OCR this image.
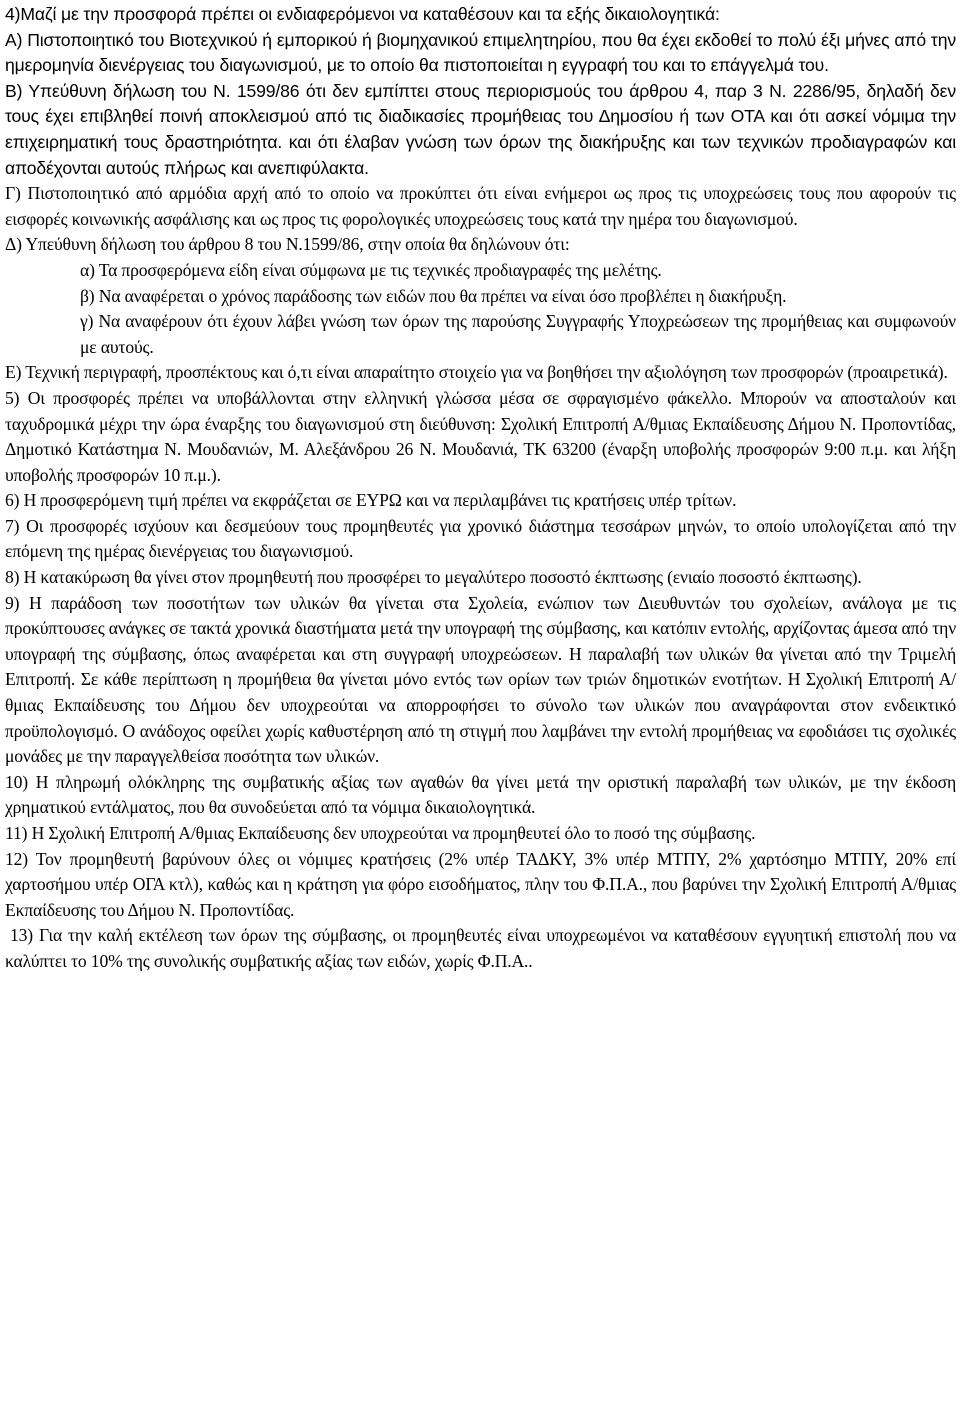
4)Μαζί με την προσφορά πρέπει οι ενδιαφερόμενοι να καταθέσουν και τα εξής δικαιολογητικά:

Α) Πιστοποιητικό του Βιοτεχνικού ή εμπορικού ή βιομηχανικού επιμελητηρίου, που θα έχει εκδοθεί το πολύ έξι μήνες από την ημερομηνία διενέργειας του διαγωνισμού, με το οποίο θα πιστοποιείται η εγγραφή του και το επάγγελμά του.

Β) Υπεύθυνη δήλωση του Ν. 1599/86 ότι δεν εμπίπτει στους περιορισμούς του άρθρου 4, παρ 3 Ν. 2286/95, δηλαδή δεν τους έχει επιβληθεί ποινή αποκλεισμού από τις διαδικασίες προμήθειας του Δημοσίου ή των ΟΤΑ και ότι ασκεί νόμιμα την επιχειρηματική τους δραστηριότητα. και ότι έλαβαν γνώση των όρων της διακήρυξης και των τεχνικών προδιαγραφών και αποδέχονται αυτούς πλήρως και ανεπιφύλακτα.

Γ) Πιστοποιητικό από αρμόδια αρχή από το οποίο να προκύπτει ότι είναι ενήμεροι ως προς τις υποχρεώσεις τους που αφορούν τις εισφορές κοινωνικής ασφάλισης και ως προς τις φορολογικές υποχρεώσεις τους κατά την ημέρα του διαγωνισμού.

Δ) Υπεύθυνη δήλωση του άρθρου 8 του Ν.1599/86, στην οποία θα δηλώνουν ότι:

α) Τα προσφερόμενα είδη είναι σύμφωνα με τις τεχνικές προδιαγραφές της μελέτης.

β) Να αναφέρεται ο χρόνος παράδοσης των ειδών που θα πρέπει να είναι όσο προβλέπει η διακήρυξη.

γ) Να αναφέρουν ότι έχουν λάβει γνώση των όρων της παρούσης Συγγραφής Υποχρεώσεων της προμήθειας και συμφωνούν με αυτούς.

Ε) Τεχνική περιγραφή, προσπέκτους και ό,τι είναι απαραίτητο στοιχείο για να βοηθήσει την αξιολόγηση των προσφορών (προαιρετικά).

5) Οι προσφορές πρέπει να υποβάλλονται στην ελληνική γλώσσα μέσα σε σφραγισμένο φάκελλο. Μπορούν να αποσταλούν και ταχυδρομικά μέχρι την ώρα έναρξης του διαγωνισμού στη διεύθυνση: Σχολική Επιτροπή Α/θμιας Εκπαίδευσης Δήμου Ν. Προποντίδας, Δημοτικό Κατάστημα Ν. Μουδανιών, Μ. Αλεξάνδρου 26 Ν. Μουδανιά, ΤΚ 63200 (έναρξη υποβολής προσφορών 9:00 π.μ. και λήξη υποβολής προσφορών 10 π.μ.).

6) Η προσφερόμενη τιμή πρέπει να εκφράζεται σε ΕΥΡΩ και να περιλαμβάνει τις κρατήσεις υπέρ τρίτων.

7) Οι προσφορές ισχύουν και δεσμεύουν τους προμηθευτές για χρονικό διάστημα τεσσάρων μηνών, το οποίο υπολογίζεται από την επόμενη της ημέρας διενέργειας του διαγωνισμού.

8) Η κατακύρωση θα γίνει στον προμηθευτή που προσφέρει το μεγαλύτερο ποσοστό έκπτωσης (ενιαίο ποσοστό έκπτωσης).

9) Η παράδοση των ποσοτήτων των υλικών θα γίνεται στα Σχολεία, ενώπιον των Διευθυντών του σχολείων, ανάλογα με τις προκύπτουσες ανάγκες σε τακτά χρονικά διαστήματα μετά την υπογραφή της σύμβασης, και κατόπιν εντολής, αρχίζοντας άμεσα από την υπογραφή της σύμβασης, όπως αναφέρεται και στη συγγραφή υποχρεώσεων. Η παραλαβή των υλικών θα γίνεται από την Τριμελή Επιτροπή. Σε κάθε περίπτωση η προμήθεια θα γίνεται μόνο εντός των ορίων των τριών δημοτικών ενοτήτων. Η Σχολική Επιτροπή Α/θμιας Εκπαίδευσης του Δήμου δεν υποχρεούται να απορροφήσει το σύνολο των υλικών που αναγράφονται στον ενδεικτικό προϋπολογισμό. Ο ανάδοχος οφείλει χωρίς καθυστέρηση από τη στιγμή που λαμβάνει την εντολή προμήθειας να εφοδιάσει τις σχολικές μονάδες με την παραγγελθείσα ποσότητα των υλικών.

10) Η πληρωμή ολόκληρης της συμβατικής αξίας των αγαθών θα γίνει μετά την οριστική παραλαβή των υλικών, με την έκδοση χρηματικού εντάλματος, που θα συνοδεύεται από τα νόμιμα δικαιολογητικά.

11) Η Σχολική Επιτροπή Α/θμιας Εκπαίδευσης δεν υποχρεούται να προμηθευτεί όλο το ποσό της σύμβασης.

12) Τον προμηθευτή βαρύνουν όλες οι νόμιμες κρατήσεις (2% υπέρ ΤΑΔΚΥ, 3% υπέρ ΜΤΠΥ, 2% χαρτόσημο ΜΤΠΥ, 20% επί χαρτοσήμου υπέρ ΟΓΑ κτλ), καθώς και η κράτηση για φόρο εισοδήματος, πλην του Φ.Π.Α., που βαρύνει την Σχολική Επιτροπή Α/θμιας Εκπαίδευσης του Δήμου Ν. Προποντίδας.

13) Για την καλή εκτέλεση των όρων της σύμβασης, οι προμηθευτές είναι υποχρεωμένοι να καταθέσουν εγγυητική επιστολή που να καλύπτει το 10% της συνολικής συμβατικής αξίας των ειδών, χωρίς Φ.Π.Α..
